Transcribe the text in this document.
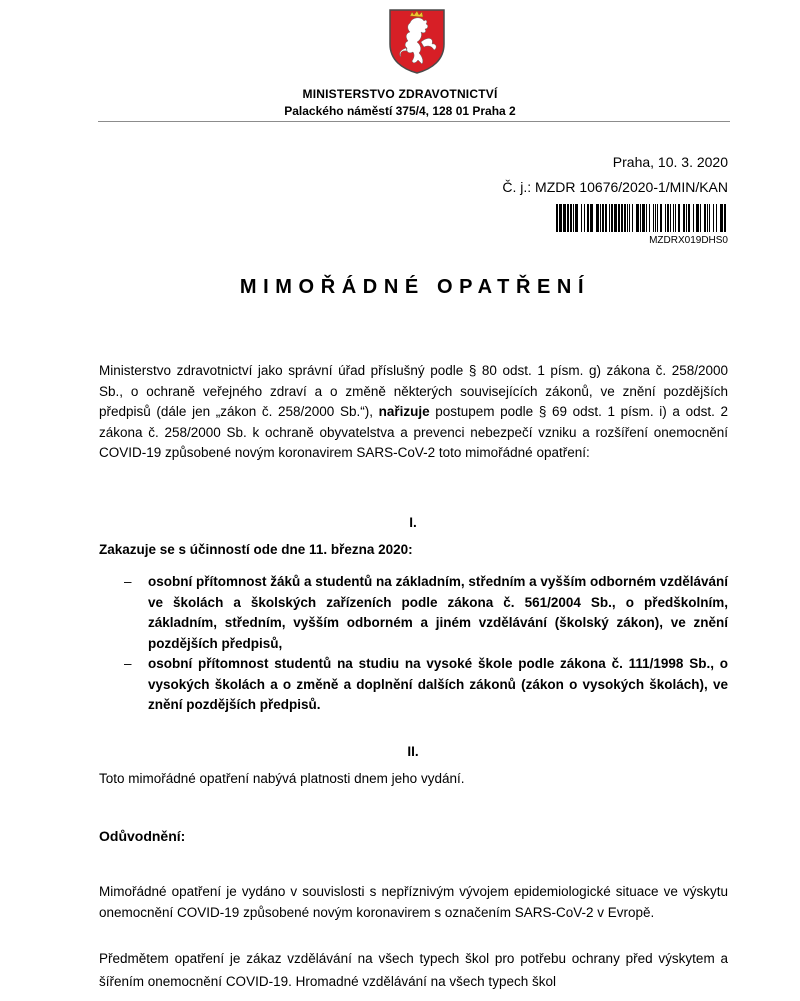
MINISTERSTVO ZDRAVOTNICTVÍ
Palackého náměstí 375/4, 128 01 Praha 2
Praha, 10. 3. 2020
Č. j.: MZDR 10676/2020-1/MIN/KAN
MZDRX019DHS0
MIMOŘÁDNÉ OPATŘENÍ
Ministerstvo zdravotnictví jako správní úřad příslušný podle § 80 odst. 1 písm. g) zákona č. 258/2000 Sb., o ochraně veřejného zdraví a o změně některých souvisejících zákonů, ve znění pozdějších předpisů (dále jen „zákon č. 258/2000 Sb.“), nařizuje postupem podle § 69 odst. 1 písm. i) a odst. 2 zákona č. 258/2000 Sb. k ochraně obyvatelstva a prevenci nebezpečí vzniku a rozšíření onemocnění COVID-19 způsobené novým koronavirem SARS-CoV-2 toto mimořádné opatření:
I.
Zakazuje se s účinností ode dne 11. března 2020:
– osobní přítomnost žáků a studentů na základním, středním a vyšším odborném vzdělávání ve školách a školských zařízeních podle zákona č. 561/2004 Sb., o předškolním, základním, středním, vyšším odborném a jiném vzdělávání (školský zákon), ve znění pozdějších předpisů,
– osobní přítomnost studentů na studiu na vysoké škole podle zákona č. 111/1998 Sb., o vysokých školách a o změně a doplnění dalších zákonů (zákon o vysokých školách), ve znění pozdějších předpisů.
II.
Toto mimořádné opatření nabývá platnosti dnem jeho vydání.
Odůvodnění:
Mimořádné opatření je vydáno v souvislosti s nepříznivým vývojem epidemiologické situace ve výskytu onemocnění COVID-19 způsobené novým koronavirem s označením SARS-CoV-2 v Evropě.
Předmětem opatření je zákaz vzdělávání na všech typech škol pro potřebu ochrany před výskytem a šířením onemocnění COVID-19. Hromadné vzdělávání na všech typech škol
